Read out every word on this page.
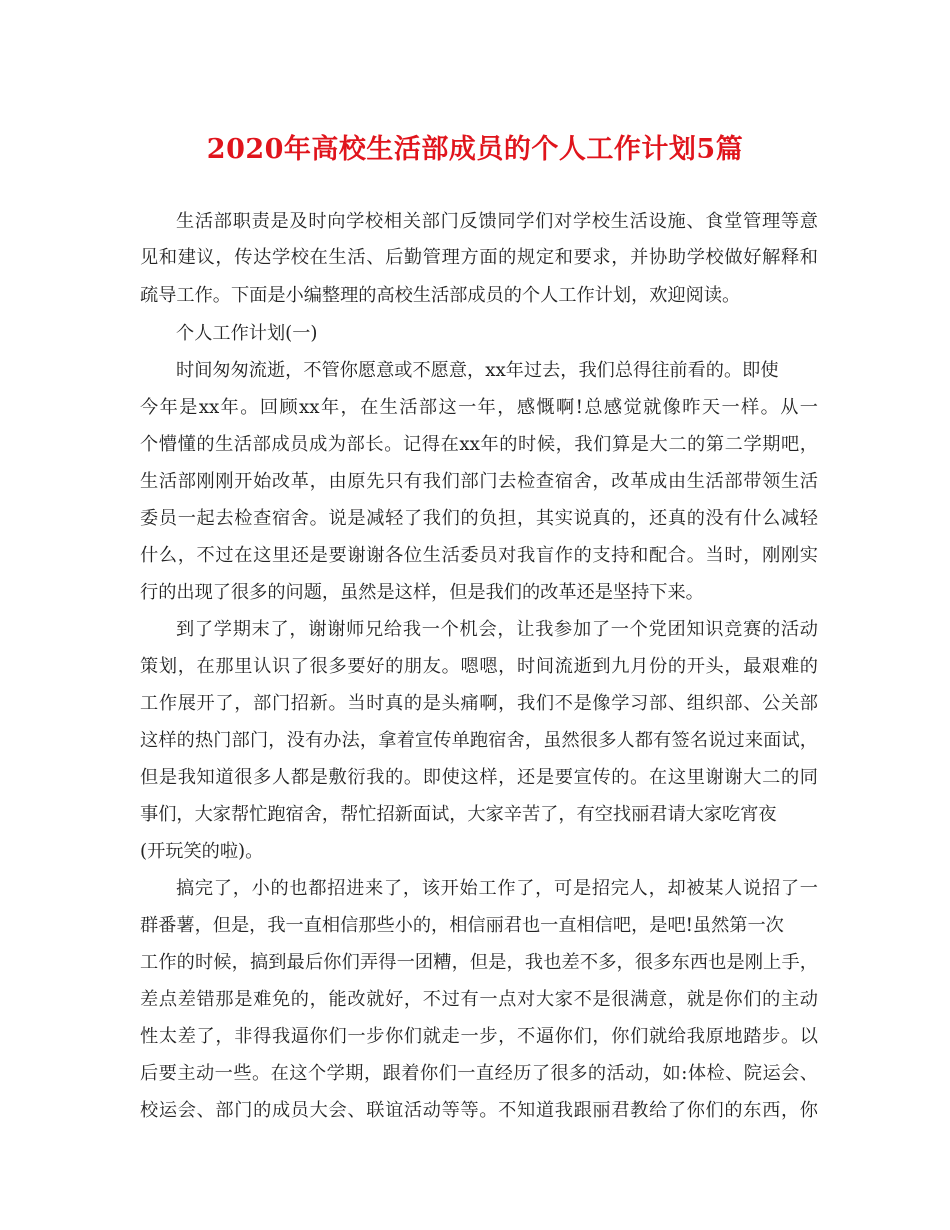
2020年高校生活部成员的个人工作计划5篇
生活部职责是及时向学校相关部门反馈同学们对学校生活设施、食堂管理等意
见和建议，传达学校在生活、后勤管理方面的规定和要求，并协助学校做好解释和
疏导工作。下面是小编整理的高校生活部成员的个人工作计划，欢迎阅读。
个人工作计划(一)
时间匆匆流逝，不管你愿意或不愿意，xx年过去，我们总得往前看的。即使
今年是xx年。回顾xx年，在生活部这一年，感慨啊!总感觉就像昨天一样。从一
个懵懂的生活部成员成为部长。记得在xx年的时候，我们算是大二的第二学期吧，
生活部刚刚开始改革，由原先只有我们部门去检查宿舍，改革成由生活部带领生活
委员一起去检查宿舍。说是减轻了我们的负担，其实说真的，还真的没有什么减轻
什么，不过在这里还是要谢谢各位生活委员对我盲作的支持和配合。当时，刚刚实
行的出现了很多的问题，虽然是这样，但是我们的改革还是坚持下来。
到了学期末了，谢谢师兄给我一个机会，让我参加了一个党团知识竞赛的活动
策划，在那里认识了很多要好的朋友。嗯嗯，时间流逝到九月份的开头，最艰难的
工作展开了，部门招新。当时真的是头痛啊，我们不是像学习部、组织部、公关部
这样的热门部门，没有办法，拿着宣传单跑宿舍，虽然很多人都有签名说过来面试，
但是我知道很多人都是敷衍我的。即使这样，还是要宣传的。在这里谢谢大二的同
事们，大家帮忙跑宿舍，帮忙招新面试，大家辛苦了，有空找丽君请大家吃宵夜
(开玩笑的啦)。
搞完了，小的也都招进来了，该开始工作了，可是招完人，却被某人说招了一
群番薯，但是，我一直相信那些小的，相信丽君也一直相信吧，是吧!虽然第一次
工作的时候，搞到最后你们弄得一团糟，但是，我也差不多，很多东西也是刚上手，
差点差错那是难免的，能改就好，不过有一点对大家不是很满意，就是你们的主动
性太差了，非得我逼你们一步你们就走一步，不逼你们，你们就给我原地踏步。以
后要主动一些。在这个学期，跟着你们一直经历了很多的活动，如:体检、院运会、
校运会、部门的成员大会、联谊活动等等。不知道我跟丽君教给了你们的东西，你
